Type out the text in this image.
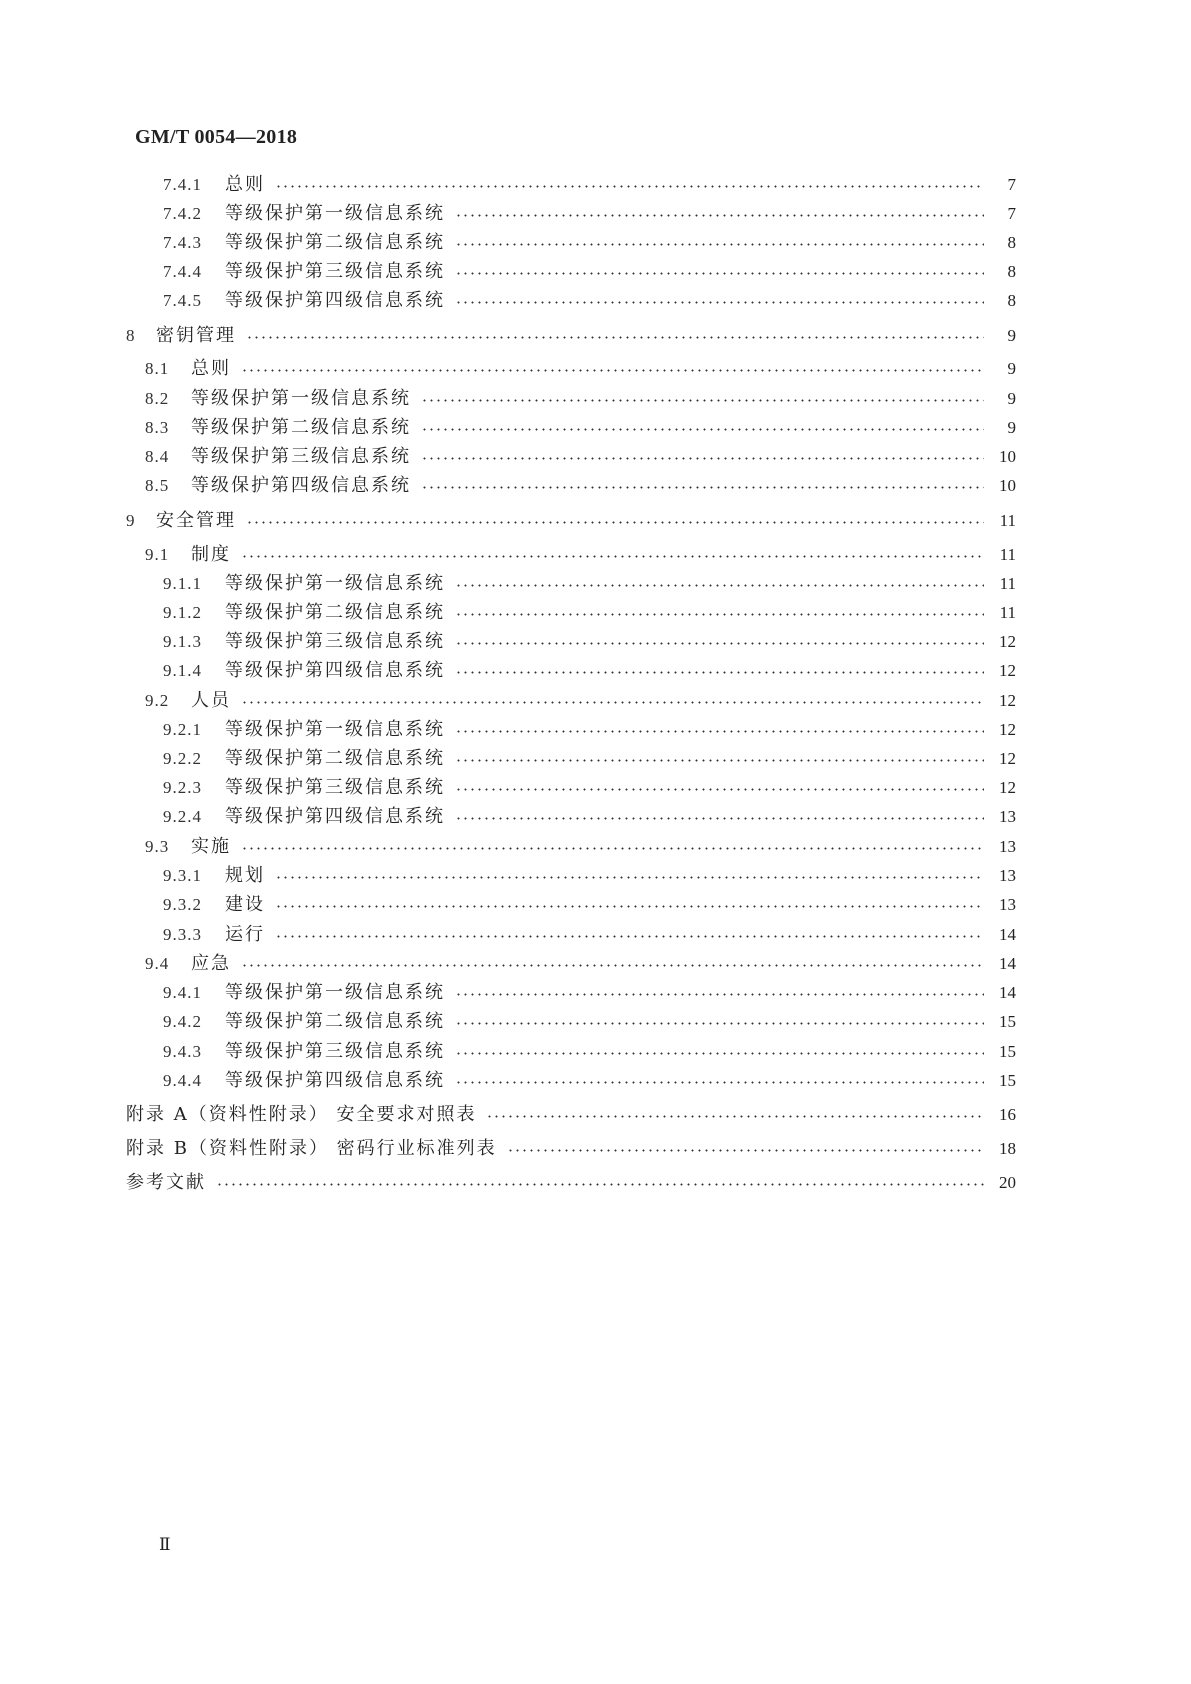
GM/T 0054—2018
7.4.1	总则	7
7.4.2	等级保护第一级信息系统	7
7.4.3	等级保护第二级信息系统	8
7.4.4	等级保护第三级信息系统	8
7.4.5	等级保护第四级信息系统	8
8	密钥管理	9
8.1	总则	9
8.2	等级保护第一级信息系统	9
8.3	等级保护第二级信息系统	9
8.4	等级保护第三级信息系统	10
8.5	等级保护第四级信息系统	10
9	安全管理	11
9.1	制度	11
9.1.1	等级保护第一级信息系统	11
9.1.2	等级保护第二级信息系统	11
9.1.3	等级保护第三级信息系统	12
9.1.4	等级保护第四级信息系统	12
9.2	人员	12
9.2.1	等级保护第一级信息系统	12
9.2.2	等级保护第二级信息系统	12
9.2.3	等级保护第三级信息系统	12
9.2.4	等级保护第四级信息系统	13
9.3	实施	13
9.3.1	规划	13
9.3.2	建设	13
9.3.3	运行	14
9.4	应急	14
9.4.1	等级保护第一级信息系统	14
9.4.2	等级保护第二级信息系统	15
9.4.3	等级保护第三级信息系统	15
9.4.4	等级保护第四级信息系统	15
附录 A（资料性附录） 安全要求对照表	16
附录 B（资料性附录） 密码行业标准列表	18
参考文献	20
Ⅱ
